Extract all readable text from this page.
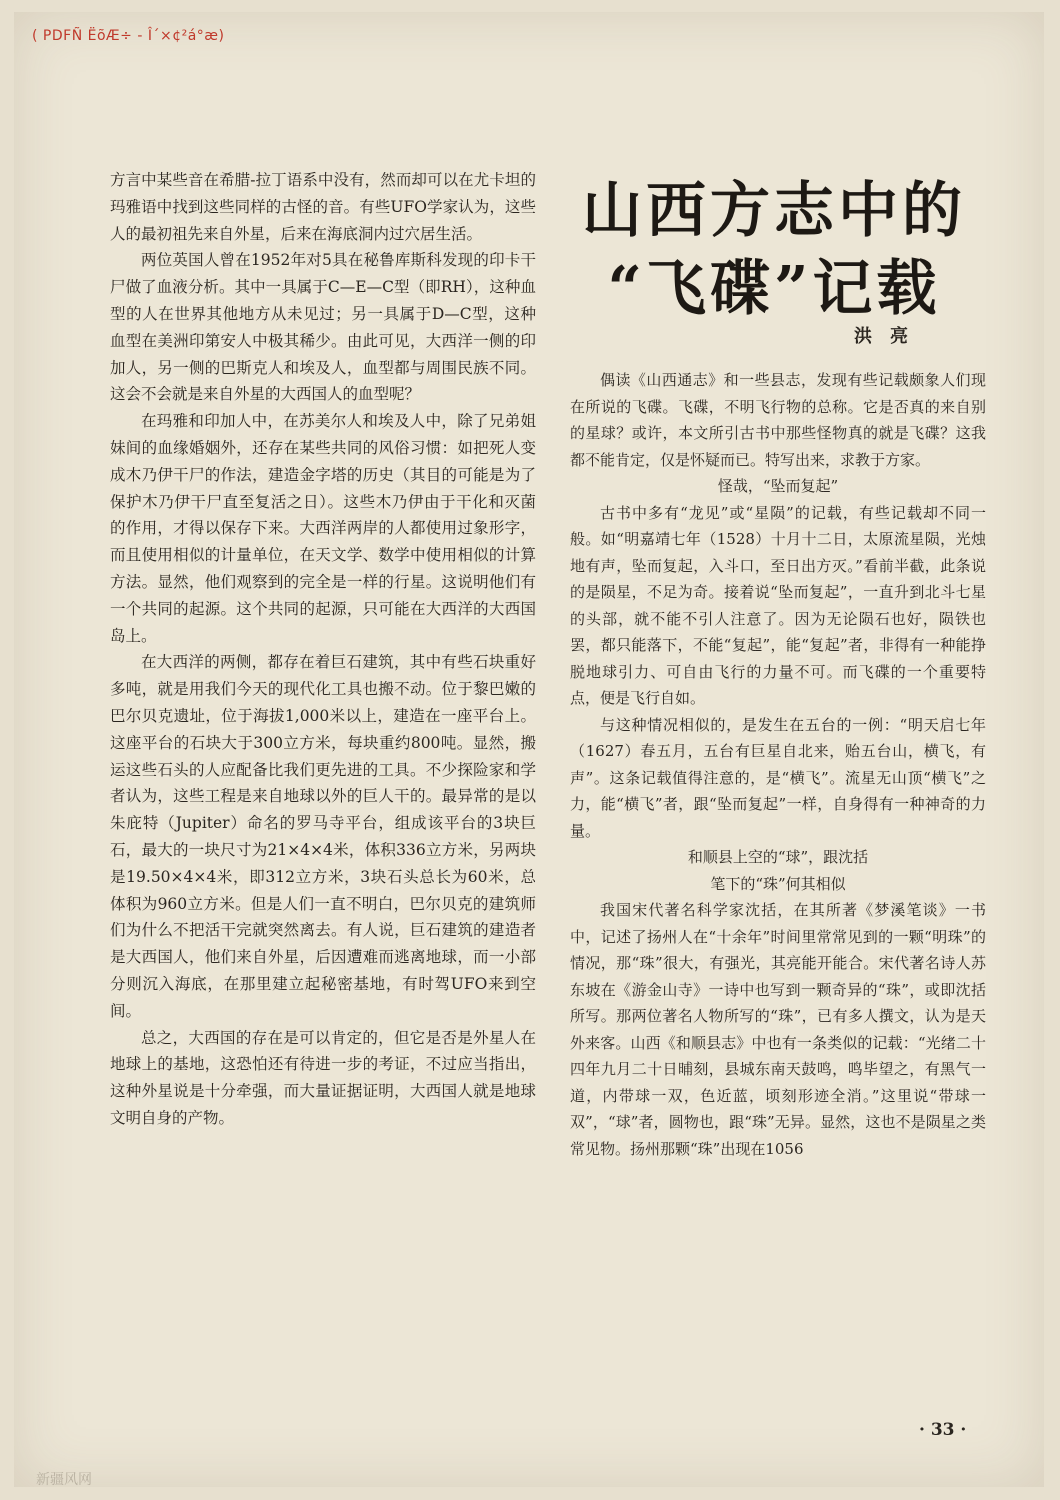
( PDFÑ ËõÆ÷ - Î´×¢²á°æ)

方言中某些音在希腊-拉丁语系中没有，然而却可以在尤卡坦的玛雅语中找到这些同样的古怪的音。有些UFO学家认为，这些人的最初祖先来自外星，后来在海底洞内过穴居生活。

两位英国人曾在1952年对5具在秘鲁库斯科发现的印卡干尸做了血液分析。其中一具属于C—E—C型（即RH），这种血型的人在世界其他地方从未见过；另一具属于D—C型，这种血型在美洲印第安人中极其稀少。由此可见，大西洋一侧的印加人，另一侧的巴斯克人和埃及人，血型都与周围民族不同。这会不会就是来自外星的大西国人的血型呢？

在玛雅和印加人中，在苏美尔人和埃及人中，除了兄弟姐妹间的血缘婚姻外，还存在某些共同的风俗习惯：如把死人变成木乃伊干尸的作法，建造金字塔的历史（其目的可能是为了保护木乃伊干尸直至复活之日）。这些木乃伊由于干化和灭菌的作用，才得以保存下来。大西洋两岸的人都使用过象形字，而且使用相似的计量单位，在天文学、数学中使用相似的计算方法。显然，他们观察到的完全是一样的行星。这说明他们有一个共同的起源。这个共同的起源，只可能在大西洋的大西国岛上。

在大西洋的两侧，都存在着巨石建筑，其中有些石块重好多吨，就是用我们今天的现代化工具也搬不动。位于黎巴嫩的巴尔贝克遗址，位于海拔1,000米以上，建造在一座平台上。这座平台的石块大于300立方米，每块重约800吨。显然，搬运这些石头的人应配备比我们更先进的工具。不少探险家和学者认为，这些工程是来自地球以外的巨人干的。最异常的是以朱庇特（Jupiter）命名的罗马寺平台，组成该平台的3块巨石，最大的一块尺寸为21×4×4米，体积336立方米，另两块是19.50×4×4米，即312立方米，3块石头总长为60米，总体积为960立方米。但是人们一直不明白，巴尔贝克的建筑师们为什么不把活干完就突然离去。有人说，巨石建筑的建造者是大西国人，他们来自外星，后因遭难而逃离地球，而一小部分则沉入海底，在那里建立起秘密基地，有时驾UFO来到空间。

总之，大西国的存在是可以肯定的，但它是否是外星人在地球上的基地，这恐怕还有待进一步的考证，不过应当指出，这种外星说是十分牵强，而大量证据证明，大西国人就是地球文明自身的产物。

山西方志中的
“飞碟”记载
洪亮

偶读《山西通志》和一些县志，发现有些记载颇象人们现在所说的飞碟。飞碟，不明飞行物的总称。它是否真的来自别的星球？或许，本文所引古书中那些怪物真的就是飞碟？这我都不能肯定，仅是怀疑而已。特写出来，求教于方家。

怪哉，“坠而复起”

古书中多有“龙见”或“星陨”的记载，有些记载却不同一般。如“明嘉靖七年（1528）十月十二日，太原流星陨，光烛地有声，坠而复起，入斗口，至日出方灭。”看前半截，此条说的是陨星，不足为奇。接着说“坠而复起”，一直升到北斗七星的头部，就不能不引人注意了。因为无论陨石也好，陨铁也罢，都只能落下，不能“复起”，能“复起”者，非得有一种能挣脱地球引力、可自由飞行的力量不可。而飞碟的一个重要特点，便是飞行自如。

与这种情况相似的，是发生在五台的一例：“明天启七年（1627）春五月，五台有巨星自北来，贻五台山，横飞，有声”。这条记载值得注意的，是“横飞”。流星无山顶“横飞”之力，能“横飞”者，跟“坠而复起”一样，自身得有一种神奇的力量。

和顺县上空的“球”，跟沈括
笔下的“珠”何其相似

我国宋代著名科学家沈括，在其所著《梦溪笔谈》一书中，记述了扬州人在“十余年”时间里常常见到的一颗“明珠”的情况，那“珠”很大，有强光，其亮能开能合。宋代著名诗人苏东坡在《游金山寺》一诗中也写到一颗奇异的“珠”，或即沈括所写。那两位著名人物所写的“珠”，已有多人撰文，认为是天外来客。山西《和顺县志》中也有一条类似的记载：“光绪二十四年九月二十日晡刻，县城东南天鼓鸣，鸣毕望之，有黑气一道，内带球一双，色近蓝，顷刻形迹全消。”这里说“带球一双”，“球”者，圆物也，跟“珠”无异。显然，这也不是陨星之类常见物。扬州那颗“珠”出现在1056

· 33 ·
新疆风网
